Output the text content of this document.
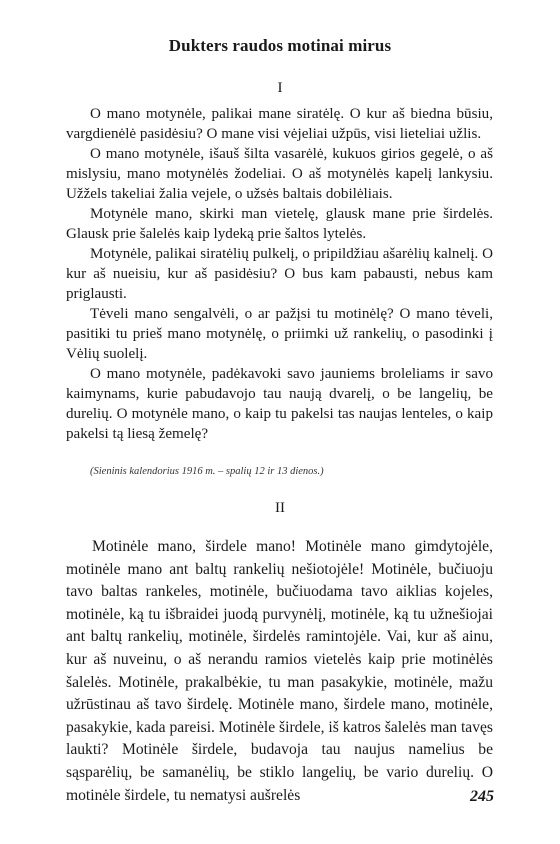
Dukters raudos motinai mirus
I

O mano motynėle, palikai mane siratėlę. O kur aš biedna būsiu, vargdienėlė pasidėsiu? O mane visi vėjeliai užpūs, visi lieteliai užlis.

O mano motynėle, išauš šilta vasarėlė, kukuos girios gegelė, o aš mislysiu, mano motynėlės žodeliai. O aš motynėlės kapelį lankysiu. Užžels takeliai žalia vejele, o užsės baltais dobilėliais.

Motynėle mano, skirki man vietelę, glausk mane prie širdelės. Glausk prie šalelės kaip lydeką prie šaltos lytelės.

Motynėle, palikai siratėlių pulkelį, o pripildžiau ašarėlių kalnelį. O kur aš nueisiu, kur aš pasidėsiu? O bus kam pabausti, nebus kam priglausti.

Tėveli mano sengalvėli, o ar pažįsi tu motinėlę? O mano tėveli, pasitiki tu prieš mano motynėlę, o priimki už rankelių, o pasodinki į Vėlių suolelį.

O mano motynėle, padėkavoki savo jauniems broleliams ir savo kaimynams, kurie pabudavojo tau naują dvarelį, o be langelių, be durelių. O motynėle mano, o kaip tu pakelsi tas naujas lenteles, o kaip pakelsi tą liesą žemelę?

(Sieninis kalendorius 1916 m. – spalių 12 ir 13 dienos.)
II

Motinėle mano, širdele mano! Motinėle mano gimdytojėle, motinėle mano ant baltų rankelių nešiotojėle! Motinėle, bučiuoju tavo baltas rankeles, motinėle, bučiuodama tavo aiklias kojeles, motinėle, ką tu išbraidei juodą purvynėlį, motinėle, ką tu užnešiojai ant baltų rankelių, motinėle, širdelės ramintojėle. Vai, kur aš ainu, kur aš nuveinu, o aš nerandu ramios vietelės kaip prie motinėlės šalelės. Motinėle, prakalbėkie, tu man pasakykie, motinėle, mažu užrūstinau aš tavo širdelę. Motinėle mano, širdele mano, motinėle, pasakykie, kada pareisi. Motinėle širdele, iš katros šalelės man tavęs laukti? Motinėle širdele, budavoja tau naujus namelius be sąsparėlių, be samanėlių, be stiklo langelių, be vario durelių. O motinėle širdele, tu nematysi aušrelės	245
